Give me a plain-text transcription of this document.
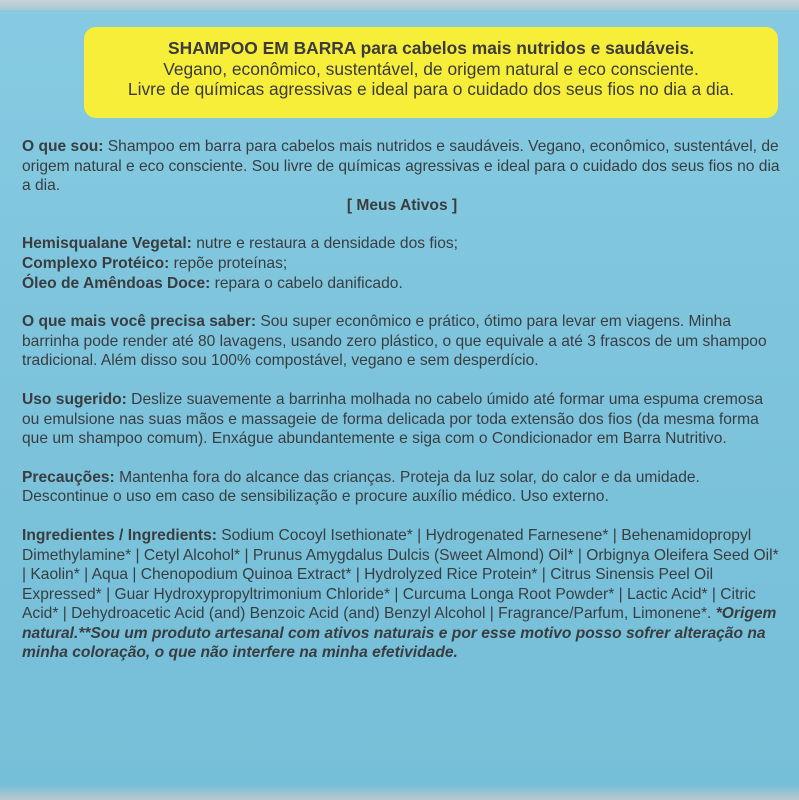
SHAMPOO EM BARRA para cabelos mais nutridos e saudáveis.
Vegano, econômico, sustentável, de origem natural e eco consciente.
Livre de químicas agressivas e ideal para o cuidado dos seus fios no dia a dia.

O que sou: Shampoo em barra para cabelos mais nutridos e saudáveis. Vegano, econômico, sustentável, de origem natural e eco consciente. Sou livre de químicas agressivas e ideal para o cuidado dos seus fios no dia a dia.

[ Meus Ativos ]

Hemisqualane Vegetal: nutre e restaura a densidade dos fios;

Complexo Protéico: repõe proteínas;

Óleo de Amêndoas Doce: repara o cabelo danificado.

O que mais você precisa saber: Sou super econômico e prático, ótimo para levar em viagens. Minha barrinha pode render até 80 lavagens, usando zero plástico, o que equivale a até 3 frascos de um shampoo tradicional. Além disso sou 100% compostável, vegano e sem desperdício.

Uso sugerido: Deslize suavemente a barrinha molhada no cabelo úmido até formar uma espuma cremosa ou emulsione nas suas mãos e massageie de forma delicada por toda extensão dos fios (da mesma forma que um shampoo comum). Enxágue abundantemente e siga com o Condicionador em Barra Nutritivo.

Precauções: Mantenha fora do alcance das crianças. Proteja da luz solar, do calor e da umidade. Descontinue o uso em caso de sensibilização e procure auxílio médico. Uso externo.

Ingredientes / Ingredients: Sodium Cocoyl Isethionate* | Hydrogenated Farnesene* | Behenamidopropyl Dimethylamine* | Cetyl Alcohol* | Prunus Amygdalus Dulcis (Sweet Almond) Oil* | Orbignya Oleifera Seed Oil* | Kaolin* | Aqua | Chenopodium Quinoa Extract* | Hydrolyzed Rice Protein* | Citrus Sinensis Peel Oil Expressed* | Guar Hydroxypropyltrimonium Chloride* | Curcuma Longa Root Powder* | Lactic Acid* | Citric Acid* | Dehydroacetic Acid (and) Benzoic Acid (and) Benzyl Alcohol | Fragrance/Parfum, Limonene*. *Origem natural.**Sou um produto artesanal com ativos naturais e por esse motivo posso sofrer alteração na minha coloração, o que não interfere na minha efetividade.
